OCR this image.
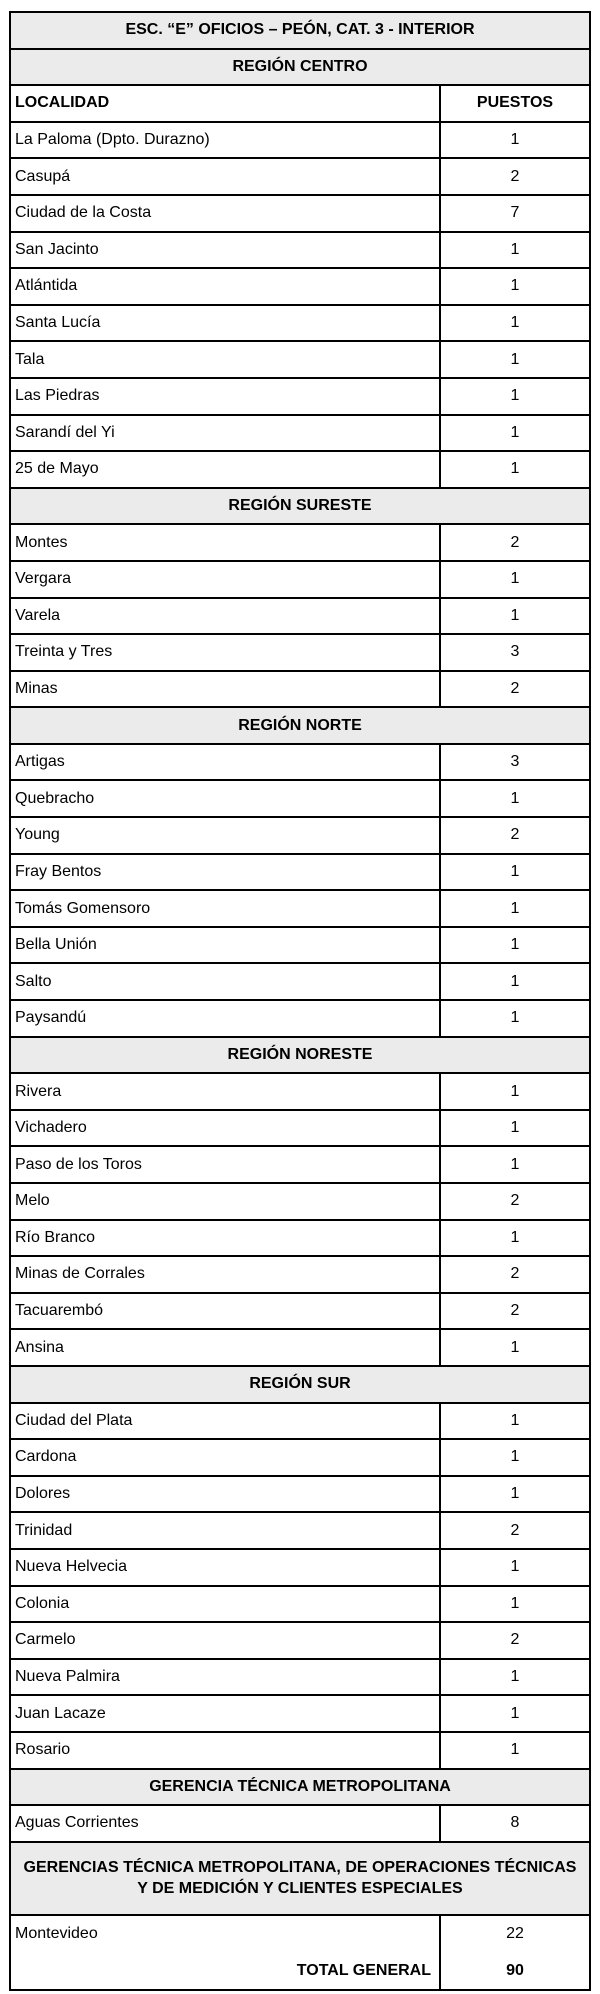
ESC. “E” OFICIOS – PEÓN, CAT. 3 - INTERIOR
REGIÓN CENTRO
LOCALIDAD	PUESTOS
La Paloma (Dpto. Durazno)	1
Casupá	2
Ciudad de la Costa	7
San Jacinto	1
Atlántida	1
Santa Lucía	1
Tala	1
Las Piedras	1
Sarandí del Yi	1
25 de Mayo	1
REGIÓN SURESTE
Montes	2
Vergara	1
Varela	1
Treinta y Tres	3
Minas	2
REGIÓN NORTE
Artigas	3
Quebracho	1
Young	2
Fray Bentos	1
Tomás Gomensoro	1
Bella Unión	1
Salto	1
Paysandú	1
REGIÓN NORESTE
Rivera	1
Vichadero	1
Paso de los Toros	1
Melo	2
Río Branco	1
Minas de Corrales	2
Tacuarembó	2
Ansina	1
REGIÓN SUR
Ciudad del Plata	1
Cardona	1
Dolores	1
Trinidad	2
Nueva Helvecia	1
Colonia	1
Carmelo	2
Nueva Palmira	1
Juan Lacaze	1
Rosario	1
GERENCIA TÉCNICA METROPOLITANA
Aguas Corrientes	8
GERENCIAS TÉCNICA METROPOLITANA, DE OPERACIONES TÉCNICAS
Y DE MEDICIÓN Y CLIENTES ESPECIALES
Montevideo	22
TOTAL GENERAL	90
